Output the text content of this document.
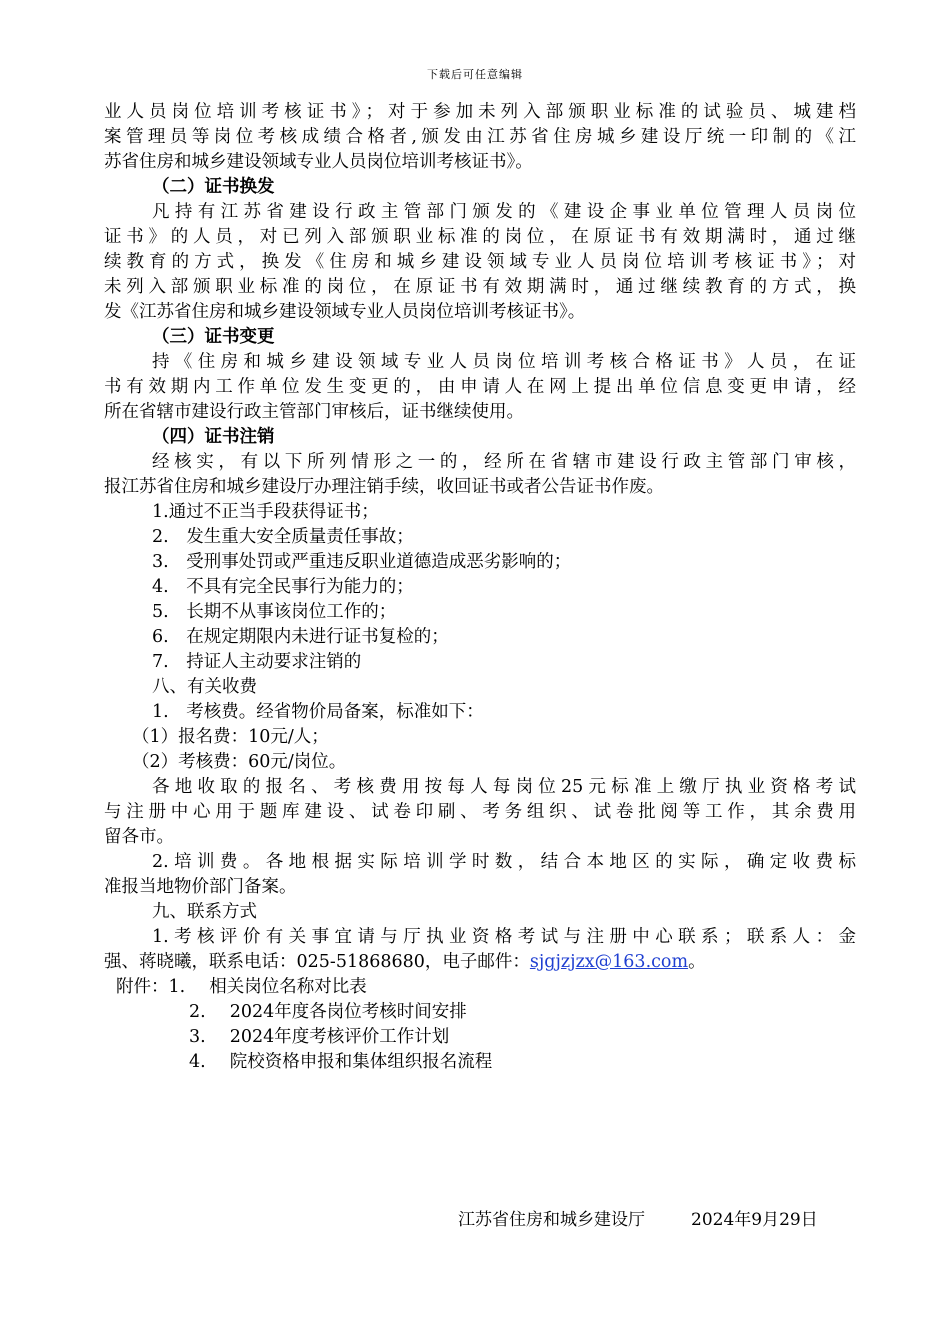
下载后可任意编辑
业人员岗位培训考核证书》；对于参加未列入部颁职业标准的试验员、城建档
案管理员等岗位考核成绩合格者,颁发由江苏省住房城乡建设厅统一印制的《江
苏省住房和城乡建设领域专业人员岗位培训考核证书》。
（二）证书换发
凡持有江苏省建设行政主管部门颁发的《建设企事业单位管理人员岗位
证书》的人员，对已列入部颁职业标准的岗位，在原证书有效期满时，通过继
续教育的方式，换发《住房和城乡建设领域专业人员岗位培训考核证书》；对
未列入部颁职业标准的岗位，在原证书有效期满时，通过继续教育的方式，换
发《江苏省住房和城乡建设领域专业人员岗位培训考核证书》。
（三）证书变更
持《住房和城乡建设领域专业人员岗位培训考核合格证书》人员，在证
书有效期内工作单位发生变更的，由申请人在网上提出单位信息变更申请，经
所在省辖市建设行政主管部门审核后，证书继续使用。
（四）证书注销
经核实，有以下所列情形之一的，经所在省辖市建设行政主管部门审核，
报江苏省住房和城乡建设厅办理注销手续，收回证书或者公告证书作废。
1.通过不正当手段获得证书；
2.　发生重大安全质量责任事故；
3.　受刑事处罚或严重违反职业道德造成恶劣影响的；
4.　不具有完全民事行为能力的；
5.　长期不从事该岗位工作的；
6.　在规定期限内未进行证书复检的；
7.　持证人主动要求注销的
八、有关收费
1.　考核费。经省物价局备案，标准如下：
（1）报名费：10元/人；
（2）考核费：60元/岗位。
各地收取的报名、考核费用按每人每岗位25元标准上缴厅执业资格考试
与注册中心用于题库建设、试卷印刷、考务组织、试卷批阅等工作，其余费用
留各市。
2.培训费。各地根据实际培训学时数，结合本地区的实际，确定收费标
准报当地物价部门备案。
九、联系方式
1.考核评价有关事宜请与厅执业资格考试与注册中心联系；联系人：金
强、蒋晓曦，联系电话：025-51868680，电子邮件：sjgjzjzx@163.com。
附件：1. 相关岗位名称对比表
2. 2024年度各岗位考核时间安排
3. 2024年度考核评价工作计划
4. 院校资格申报和集体组织报名流程
江苏省住房和城乡建设厅	2024年9月29日
